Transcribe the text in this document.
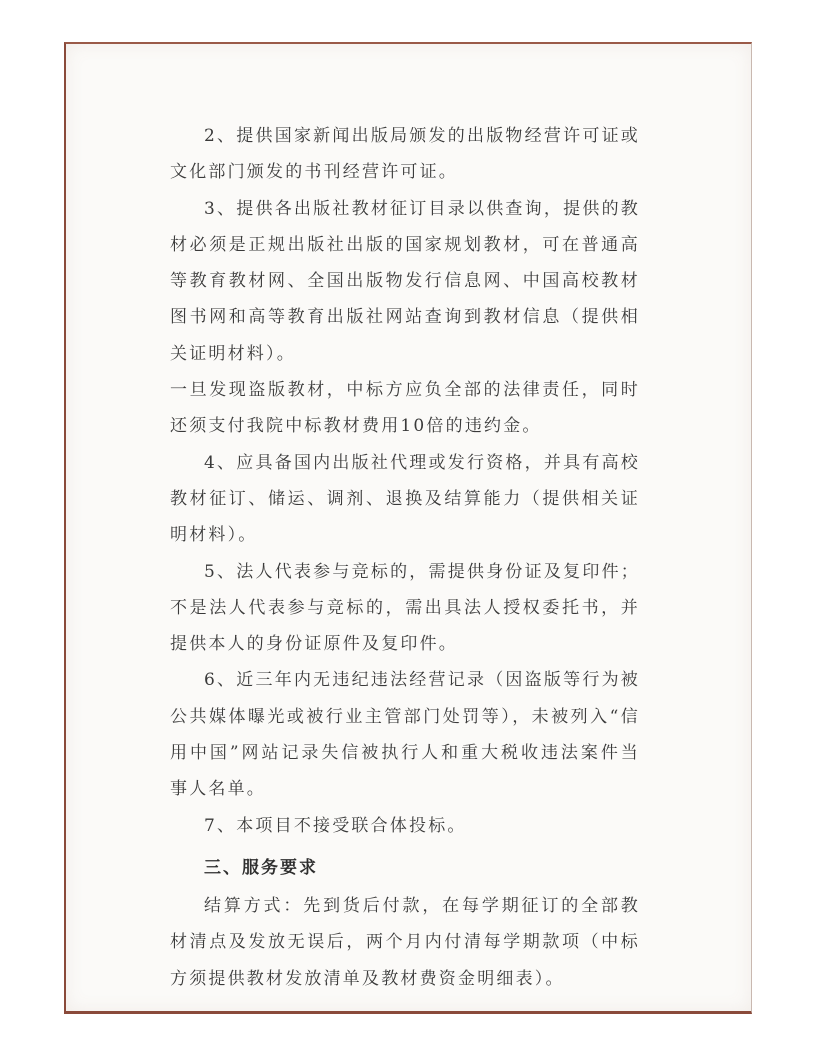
2、提供国家新闻出版局颁发的出版物经营许可证或文化部门颁发的书刊经营许可证。

3、提供各出版社教材征订目录以供查询，提供的教材必须是正规出版社出版的国家规划教材，可在普通高等教育教材网、全国出版物发行信息网、中国高校教材图书网和高等教育出版社网站查询到教材信息（提供相关证明材料）。

一旦发现盗版教材，中标方应负全部的法律责任，同时还须支付我院中标教材费用10倍的违约金。

4、应具备国内出版社代理或发行资格，并具有高校教材征订、储运、调剂、退换及结算能力（提供相关证明材料）。

5、法人代表参与竞标的，需提供身份证及复印件；不是法人代表参与竞标的，需出具法人授权委托书，并提供本人的身份证原件及复印件。

6、近三年内无违纪违法经营记录（因盗版等行为被公共媒体曝光或被行业主管部门处罚等），未被列入“信用中国”网站记录失信被执行人和重大税收违法案件当事人名单。

7、本项目不接受联合体投标。

三、服务要求

结算方式：先到货后付款，在每学期征订的全部教材清点及发放无误后，两个月内付清每学期款项（中标方须提供教材发放清单及教材费资金明细表）。
